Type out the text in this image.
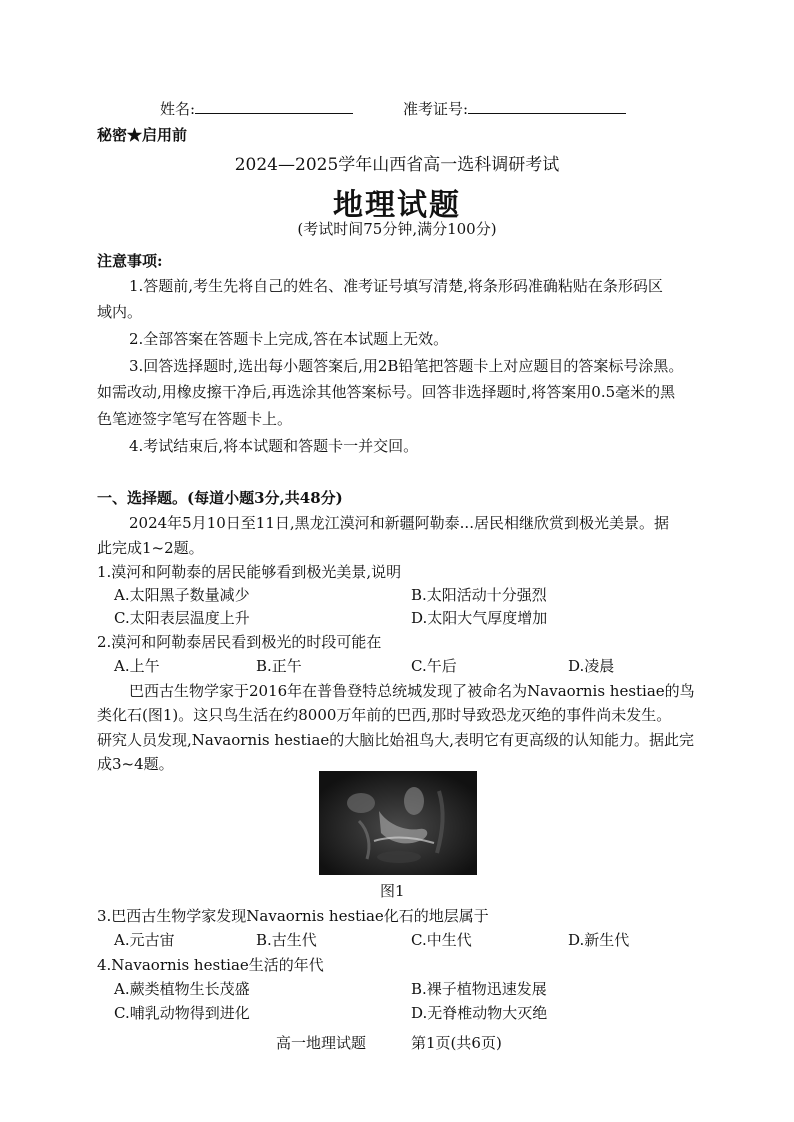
姓名:	准考证号:
秘密★启用前
2024—2025学年山西省高一选科调研考试
地理试题
(考试时间75分钟,满分100分)
注意事项:
1.答题前,考生先将自己的姓名、准考证号填写清楚,将条形码准确粘贴在条形码区
域内。
2.全部答案在答题卡上完成,答在本试题上无效。
3.回答选择题时,选出每小题答案后,用2B铅笔把答题卡上对应题目的答案标号涂黑。
如需改动,用橡皮擦干净后,再选涂其他答案标号。回答非选择题时,将答案用0.5毫米的黑
色笔迹签字笔写在答题卡上。
4.考试结束后,将本试题和答题卡一并交回。
一、选择题。(每道小题3分,共48分)
2024年5月10日至11日,黑龙江漠河和新疆阿勒泰...居民相继欣赏到极光美景。据
此完成1~2题。
1.漠河和阿勒泰的居民能够看到极光美景,说明
A.太阳黑子数量减少	B.太阳活动十分强烈
C.太阳表层温度上升	D.太阳大气厚度增加
2.漠河和阿勒泰居民看到极光的时段可能在
A.上午	B.正午	C.午后	D.凌晨
巴西古生物学家于2016年在普鲁登特总统城发现了被命名为Navaornis hestiae的鸟
类化石(图1)。这只鸟生活在约8000万年前的巴西,那时导致恐龙灭绝的事件尚未发生。
研究人员发现,Navaornis hestiae的大脑比始祖鸟大,表明它有更高级的认知能力。据此完
成3~4题。
图1
3.巴西古生物学家发现Navaornis hestiae化石的地层属于
A.元古宙	B.古生代	C.中生代	D.新生代
4.Navaornis hestiae生活的年代
A.蕨类植物生长茂盛	B.裸子植物迅速发展
C.哺乳动物得到进化	D.无脊椎动物大灭绝
高一地理试题	第1页(共6页)
